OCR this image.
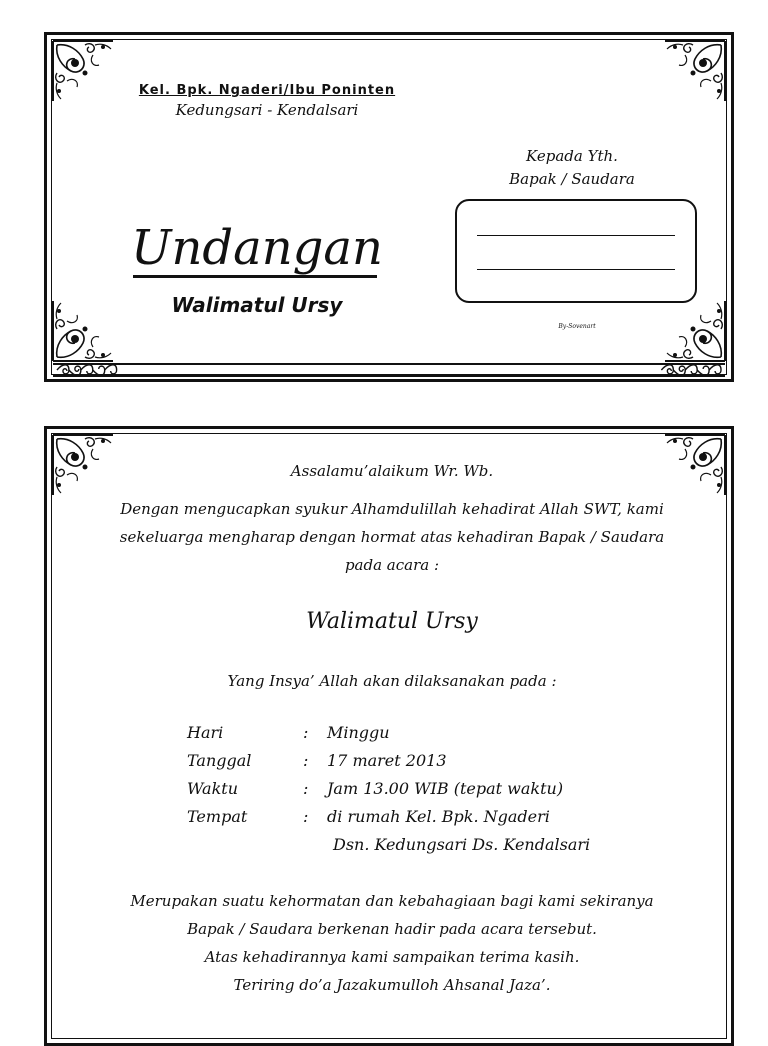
Kel. Bpk. Ngaderi/Ibu Poninten
Kedungsari - Kendalsari
Undangan
Walimatul Ursy
Kepada Yth.
Bapak / Saudara
By-Sovenart
Assalamu’alaikum Wr. Wb.
Dengan mengucapkan syukur Alhamdulillah kehadirat Allah SWT, kami
sekeluarga mengharap dengan hormat atas kehadiran Bapak / Saudara
pada acara :
Walimatul Ursy
Yang Insya’ Allah akan dilaksanakan pada :
Hari	: Minggu
Tanggal	: 17 maret 2013
Waktu	: Jam 13.00 WIB (tepat waktu)
Tempat	: di rumah Kel. Bpk. Ngaderi
Dsn. Kedungsari Ds. Kendalsari
Merupakan suatu kehormatan dan kebahagiaan bagi kami sekiranya
Bapak / Saudara berkenan hadir pada acara tersebut.
Atas kehadirannya kami sampaikan terima kasih.
Teriring do’a Jazakumulloh Ahsanal Jaza’.
